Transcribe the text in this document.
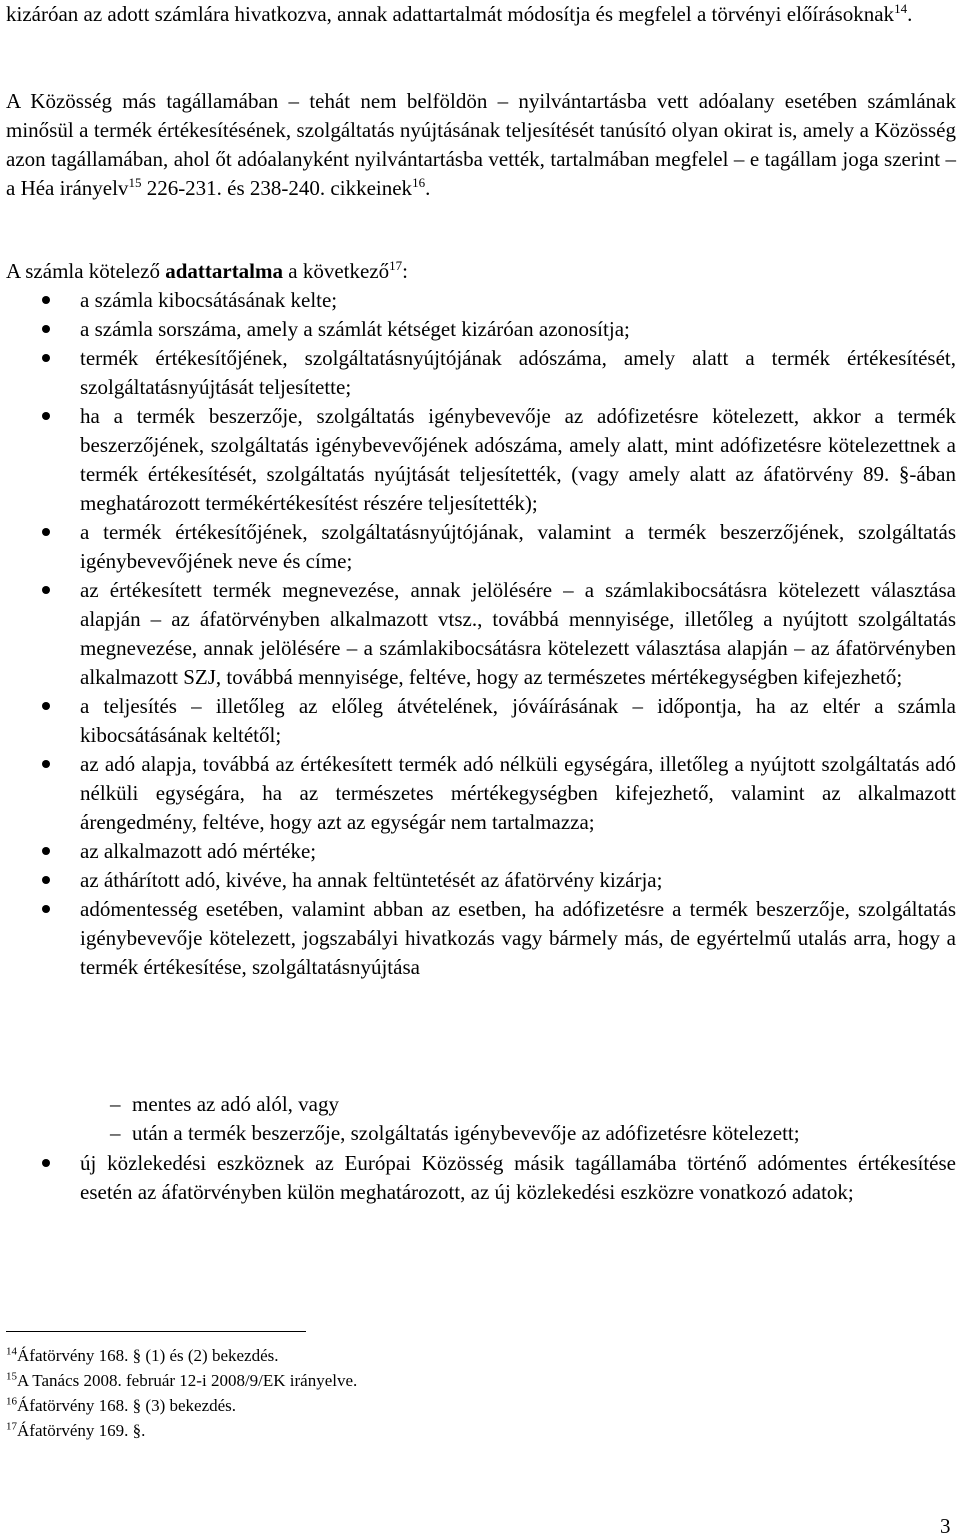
kizáróan az adott számlára hivatkozva, annak adattartalmát módosítja és megfelel a törvényi előírásoknak$^{14}$.

A Közösség más tagállamában – tehát nem belföldön – nyilvántartásba vett adóalany esetében számlának minősül a termék értékesítésének, szolgáltatás nyújtásának teljesítését tanúsító olyan okirat is, amely a Közösség azon tagállamában, ahol őt adóalanyként nyilvántartásba vették, tartalmában megfelel – e tagállam joga szerint – a Héa irányelv$^{15}$ 226-231. és 238-240. cikkeinek$^{16}$.

A számla kötelező adattartalma a következő$^{17}$:

a számla kibocsátásának kelte;
a számla sorszáma, amely a számlát kétséget kizáróan azonosítja;
termék értékesítőjének, szolgáltatásnyújtójának adószáma, amely alatt a termék értékesítését, szolgáltatásnyújtását teljesítette;
ha a termék beszerzője, szolgáltatás igénybevevője az adófizetésre kötelezett, akkor a termék beszerzőjének, szolgáltatás igénybevevőjének adószáma, amely alatt, mint adófizetésre kötelezettnek a termék értékesítését, szolgáltatás nyújtását teljesítették, (vagy amely alatt az áfatörvény 89. §-ában meghatározott termékértékesítést részére teljesítették);
a termék értékesítőjének, szolgáltatásnyújtójának, valamint a termék beszerzőjének, szolgáltatás igénybevevőjének neve és címe;
az értékesített termék megnevezése, annak jelölésére – a számlakibocsátásra kötelezett választása alapján – az áfatörvényben alkalmazott vtsz., továbbá mennyisége, illetőleg a nyújtott szolgáltatás megnevezése, annak jelölésére – a számlakibocsátásra kötelezett választása alapján – az áfatörvényben alkalmazott SZJ, továbbá mennyisége, feltéve, hogy az természetes mértékegységben kifejezhető;
a teljesítés – illetőleg az előleg átvételének, jóváírásának – időpontja, ha az eltér a számla kibocsátásának keltétől;
az adó alapja, továbbá az értékesített termék adó nélküli egységára, illetőleg a nyújtott szolgáltatás adó nélküli egységára, ha az természetes mértékegységben kifejezhető, valamint az alkalmazott árengedmény, feltéve, hogy azt az egységár nem tartalmazza;
az alkalmazott adó mértéke;
az áthárított adó, kivéve, ha annak feltüntetését az áfatörvény kizárja;
adómentesség esetében, valamint abban az esetben, ha adófizetésre a termék beszerzője, szolgáltatás igénybevevője kötelezett, jogszabályi hivatkozás vagy bármely más, de egyértelmű utalás arra, hogy a termék értékesítése, szolgáltatásnyújtása
– mentes az adó alól, vagy
– után a termék beszerzője, szolgáltatás igénybevevője az adófizetésre kötelezett;
új közlekedési eszköznek az Európai Közösség másik tagállamába történő adómentes értékesítése esetén az áfatörvényben külön meghatározott, az új közlekedési eszközre vonatkozó adatok;

$^{14}$Áfatörvény 168. § (1) és (2) bekezdés.

$^{15}$A Tanács 2008. február 12-i 2008/9/EK irányelve.

$^{16}$Áfatörvény 168. § (3) bekezdés.

$^{17}$Áfatörvény 169. §.

3
